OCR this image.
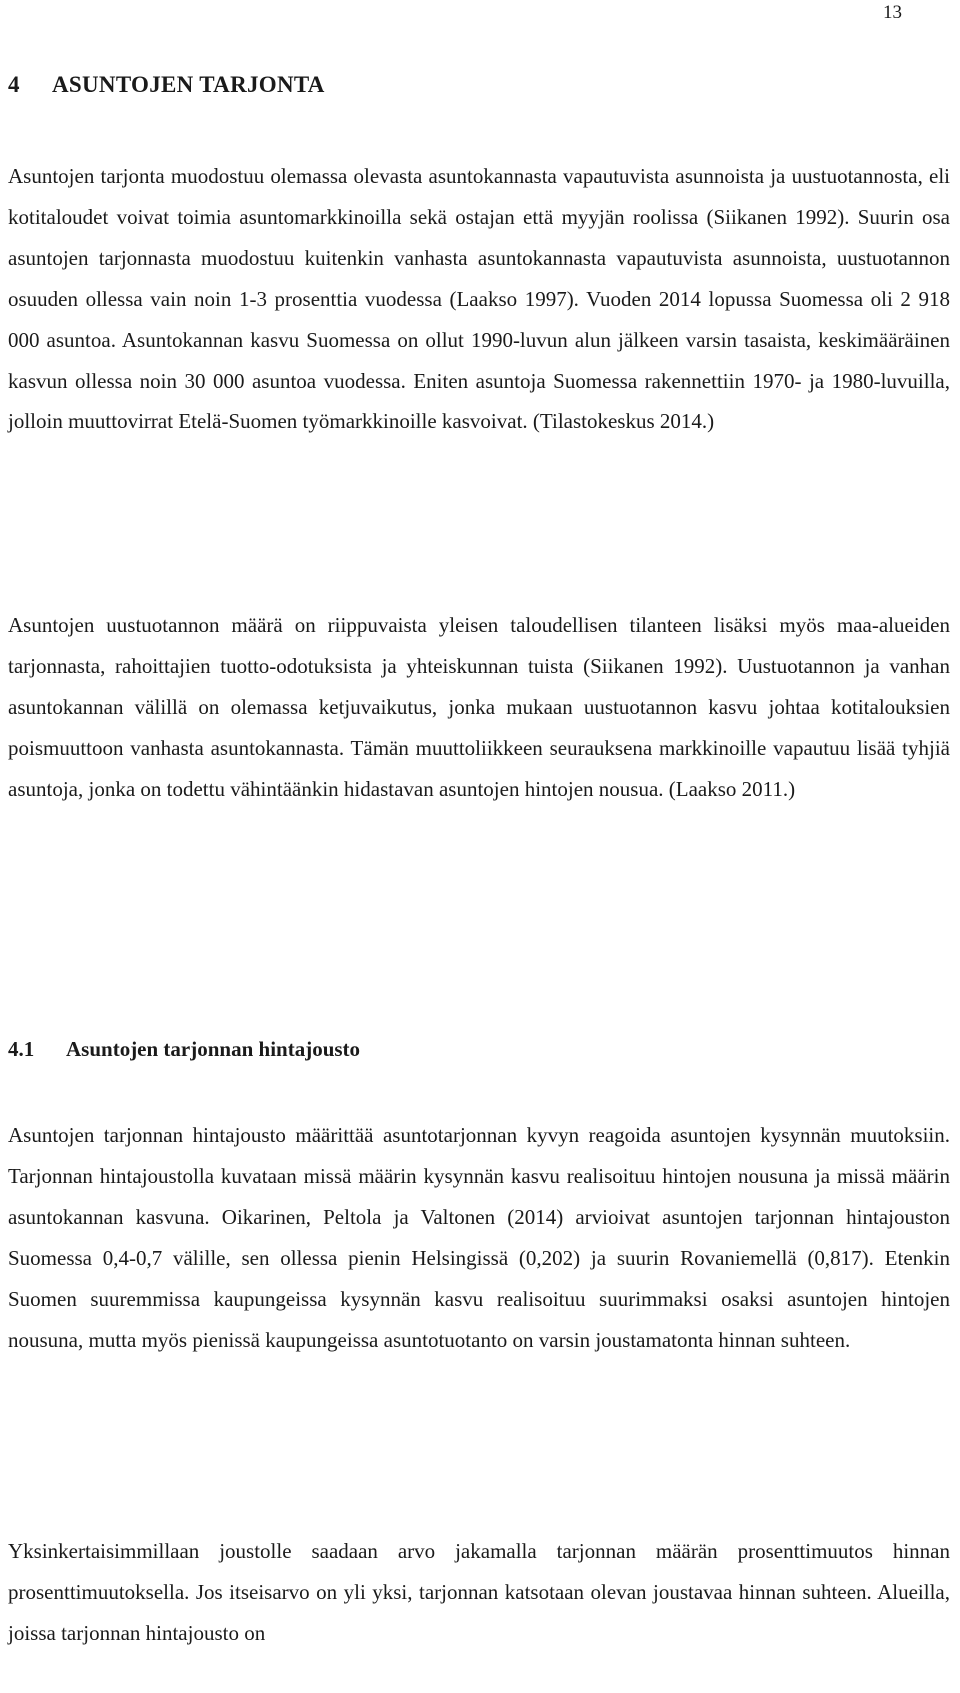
13
4 ASUNTOJEN TARJONTA

Asuntojen tarjonta muodostuu olemassa olevasta asuntokannasta vapautuvista asunnoista ja uustuotannosta, eli kotitaloudet voivat toimia asuntomarkkinoilla sekä ostajan että myyjän roolissa (Siikanen 1992). Suurin osa asuntojen tarjonnasta muodostuu kuitenkin vanhasta asuntokannasta vapautuvista asunnoista, uustuotannon osuuden ollessa vain noin 1-3 prosenttia vuodessa (Laakso 1997). Vuoden 2014 lopussa Suomessa oli 2 918 000 asuntoa. Asuntokannan kasvu Suomessa on ollut 1990-luvun alun jälkeen varsin tasaista, keskimääräinen kasvun ollessa noin 30 000 asuntoa vuodessa. Eniten asuntoja Suomessa rakennettiin 1970- ja 1980-luvuilla, jolloin muuttovirrat Etelä-Suomen työmarkkinoille kasvoivat. (Tilastokeskus 2014.)

Asuntojen uustuotannon määrä on riippuvaista yleisen taloudellisen tilanteen lisäksi myös maa-alueiden tarjonnasta, rahoittajien tuotto-odotuksista ja yhteiskunnan tuista (Siikanen 1992). Uustuotannon ja vanhan asuntokannan välillä on olemassa ketjuvaikutus, jonka mukaan uustuotannon kasvu johtaa kotitalouksien poismuuttoon vanhasta asuntokannasta. Tämän muuttoliikkeen seurauksena markkinoille vapautuu lisää tyhjiä asuntoja, jonka on todettu vähintäänkin hidastavan asuntojen hintojen nousua. (Laakso 2011.)

4.1 Asuntojen tarjonnan hintajousto

Asuntojen tarjonnan hintajousto määrittää asuntotarjonnan kyvyn reagoida asuntojen kysynnän muutoksiin. Tarjonnan hintajoustolla kuvataan missä määrin kysynnän kasvu realisoituu hintojen nousuna ja missä määrin asuntokannan kasvuna. Oikarinen, Peltola ja Valtonen (2014) arvioivat asuntojen tarjonnan hintajouston Suomessa 0,4-0,7 välille, sen ollessa pienin Helsingissä (0,202) ja suurin Rovaniemellä (0,817). Etenkin Suomen suuremmissa kaupungeissa kysynnän kasvu realisoituu suurimmaksi osaksi asuntojen hintojen nousuna, mutta myös pienissä kaupungeissa asuntotuotanto on varsin joustamatonta hinnan suhteen.

Yksinkertaisimmillaan joustolle saadaan arvo jakamalla tarjonnan määrän prosenttimuutos hinnan prosenttimuutoksella. Jos itseisarvo on yli yksi, tarjonnan katsotaan olevan joustavaa hinnan suhteen. Alueilla, joissa tarjonnan hintajousto on
